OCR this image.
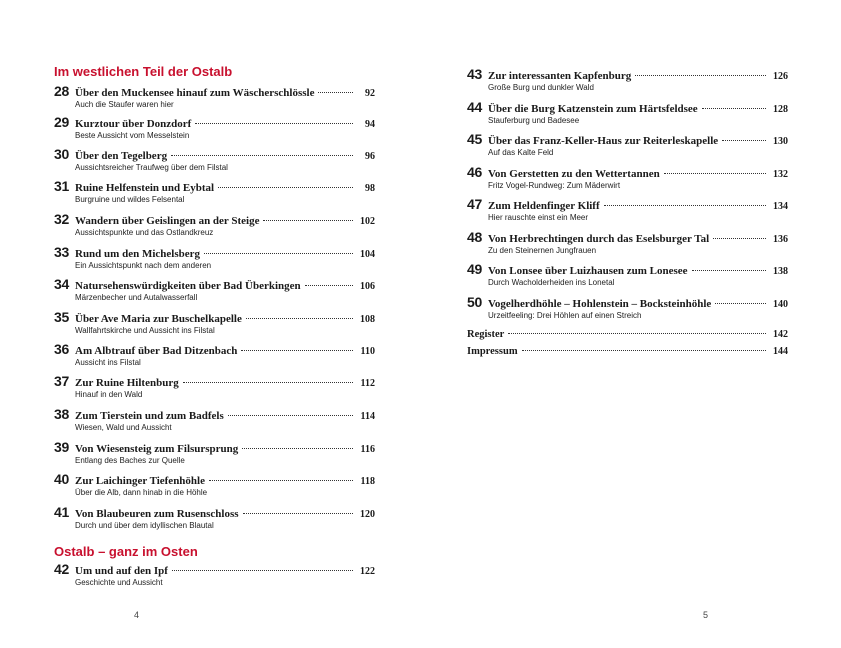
Im westlichen Teil der Ostalb
28 Über den Muckensee hinauf zum Wäscherschlössle	92
Auch die Staufer waren hier
29 Kurztour über Donzdorf	94
Beste Aussicht vom Messelstein
30 Über den Tegelberg	96
Aussichtsreicher Traufweg über dem Filstal
31 Ruine Helfenstein und Eybtal	98
Burgruine und wildes Felsental
32 Wandern über Geislingen an der Steige	102
Aussichtspunkte und das Ostlandkreuz
33 Rund um den Michelsberg	104
Ein Aussichtspunkt nach dem anderen
34 Natursehenswürdigkeiten über Bad Überkingen	106
Märzenbecher und Autalwasserfall
35 Über Ave Maria zur Buschelkapelle	108
Wallfahrtskirche und Aussicht ins Filstal
36 Am Albtrauf über Bad Ditzenbach	110
Aussicht ins Filstal
37 Zur Ruine Hiltenburg	112
Hinauf in den Wald
38 Zum Tierstein und zum Badfels	114
Wiesen, Wald und Aussicht
39 Von Wiesensteig zum Filsursprung	116
Entlang des Baches zur Quelle
40 Zur Laichinger Tiefenhöhle	118
Über die Alb, dann hinab in die Höhle
41 Von Blaubeuren zum Rusenschloss	120
Durch und über dem idyllischen Blautal
Ostalb – ganz im Osten
42 Um und auf den Ipf	122
Geschichte und Aussicht
4
43 Zur interessanten Kapfenburg	126
Große Burg und dunkler Wald
44 Über die Burg Katzenstein zum Härtsfeldsee	128
Stauferburg und Badesee
45 Über das Franz-Keller-Haus zur Reiterleskapelle	130
Auf das Kalte Feld
46 Von Gerstetten zu den Wettertannen	132
Fritz Vogel-Rundweg: Zum Mäderwirt
47 Zum Heldenfinger Kliff	134
Hier rauschte einst ein Meer
48 Von Herbrechtingen durch das Eselsburger Tal	136
Zu den Steinernen Jungfrauen
49 Von Lonsee über Luizhausen zum Lonesee	138
Durch Wacholderheiden ins Lonetal
50 Vogelherdhöhle – Hohlenstein – Bocksteinhöhle	140
Urzeitfeeling: Drei Höhlen auf einen Streich
Register	142
Impressum	144
5
